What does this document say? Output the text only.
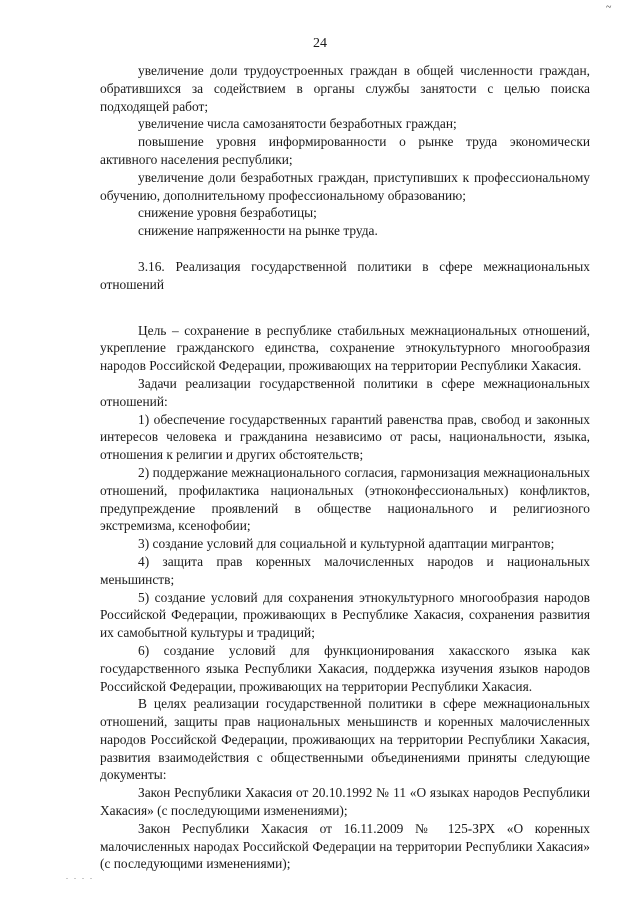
~
24

увеличение доли трудоустроенных граждан в общей численности граждан, обратившихся за содействием в органы службы занятости с целью поиска подходящей работ;

увеличение числа самозанятости безработных граждан;

повышение уровня информированности о рынке труда экономически активного населения республики;

увеличение доли безработных граждан, приступивших к профессиональному обучению, дополнительному профессиональному образованию;

снижение уровня безработицы;

снижение напряженности на рынке труда.

3.16. Реализация государственной политики в сфере межнациональных отношений

Цель – сохранение в республике стабильных межнациональных отношений, укрепление гражданского единства, сохранение этнокультурного многообразия народов Российской Федерации, проживающих на территории Республики Хакасия.

Задачи реализации государственной политики в сфере межнациональных отношений:

1) обеспечение государственных гарантий равенства прав, свобод и законных интересов человека и гражданина независимо от расы, национальности, языка, отношения к религии и других обстоятельств;

2) поддержание межнационального согласия, гармонизация межнациональных отношений, профилактика национальных (этноконфессиональных) конфликтов, предупреждение проявлений в обществе национального и религиозного экстремизма, ксенофобии;

3) создание условий для социальной и культурной адаптации мигрантов;

4) защита прав коренных малочисленных народов и национальных меньшинств;

5) создание условий для сохранения этнокультурного многообразия народов Российской Федерации, проживающих в Республике Хакасия, сохранения развития их самобытной культуры и традиций;

6) создание условий для функционирования хакасского языка как государственного языка Республики Хакасия, поддержка изучения языков народов Российской Федерации, проживающих на территории Республики Хакасия.

В целях реализации государственной политики в сфере межнациональных отношений, защиты прав национальных меньшинств и коренных малочисленных народов Российской Федерации, проживающих на территории Республики Хакасия, развития взаимодействия с общественными объединениями приняты следующие документы:

Закон Республики Хакасия от 20.10.1992 № 11 «О языках народов Республики Хакасия» (с последующими изменениями);

Закон Республики Хакасия от 16.11.2009 № 125-ЗРХ «О коренных малочисленных народах Российской Федерации на территории Республики Хакасия» (с последующими изменениями);

. . . .
